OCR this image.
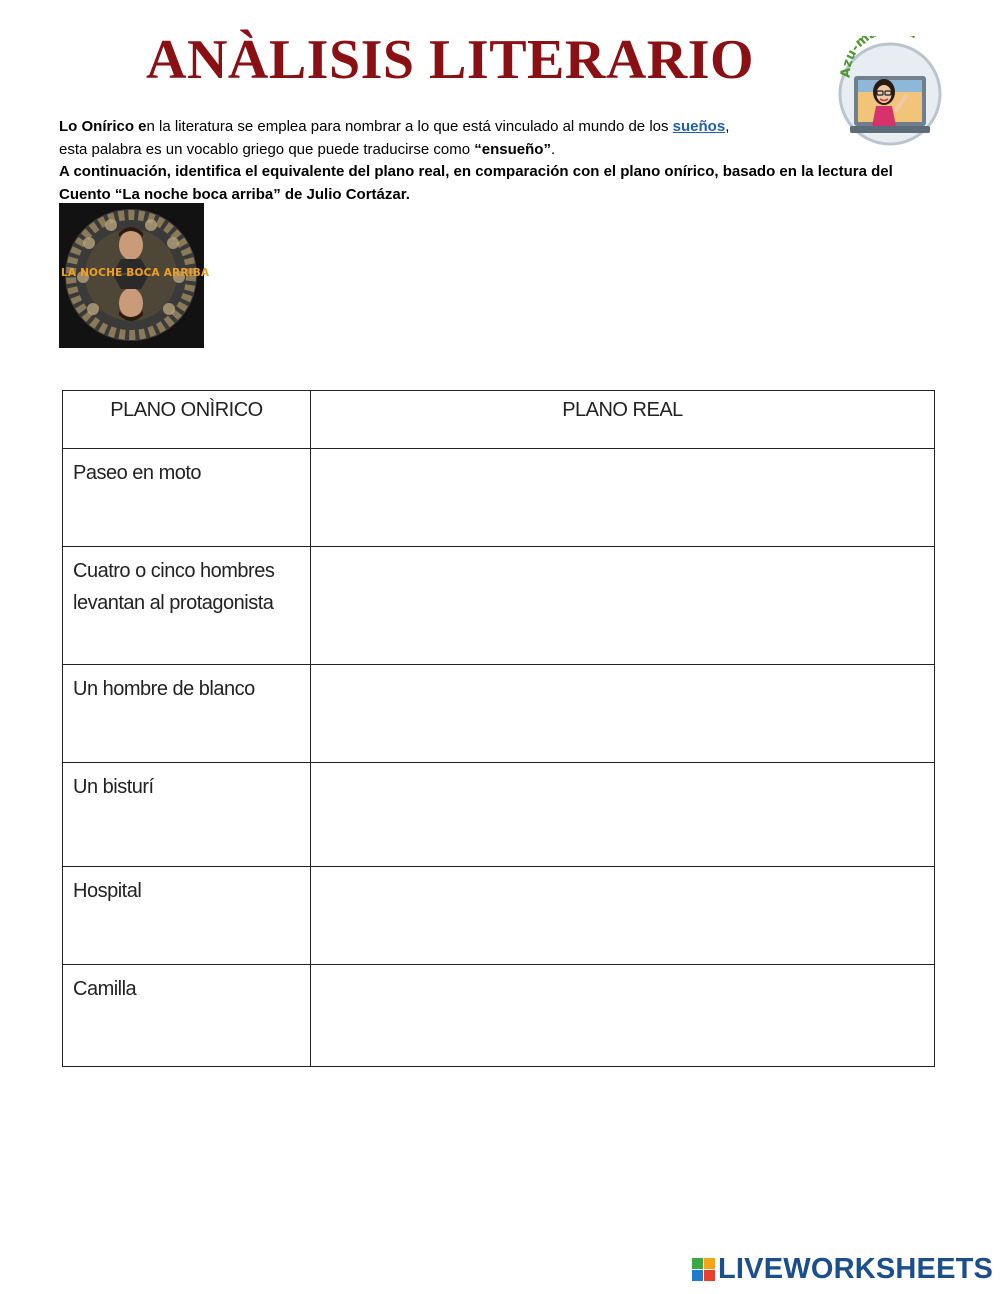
ANÀLISIS LITERARIO	Azu-m
Lo Onírico en la literatura se emplea para nombrar a lo que está vinculado al mundo de los sueños,
esta palabra es un vocablo griego que puede traducirse como “ensueño”.
A continuación, identifica el equivalente del plano real, en comparación con el plano onírico, basado en la lectura del
Cuento “La noche boca arriba” de Julio Cortázar.
LA NOCHE BOCA ARRIBA
PLANO ONÌRICO	PLANO REAL

Paseo en moto

Cuatro o cinco hombres
levantan al protagonista

Un hombre de blanco

Un bisturí

Hospital

Camilla

LIVEWORKSHEETS
